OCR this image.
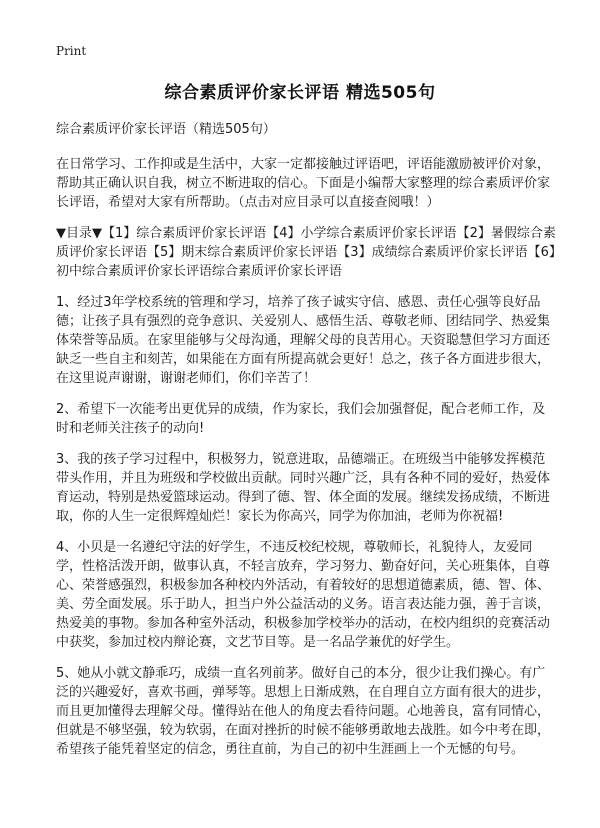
Print
综合素质评价家长评语 精选505句

综合素质评价家长评语（精选505句）

在日常学习、工作抑或是生活中，大家一定都接触过评语吧，评语能激励被评价对象，帮助其正确认识自我，树立不断进取的信心。下面是小编帮大家整理的综合素质评价家长评语，希望对大家有所帮助。（点击对应目录可以直接查阅哦！）

▼目录▼【1】综合素质评价家长评语【4】小学综合素质评价家长评语【2】暑假综合素质评价家长评语【5】期末综合素质评价家长评语【3】成绩综合素质评价家长评语【6】初中综合素质评价家长评语综合素质评价家长评语

1、经过3年学校系统的管理和学习，培养了孩子诚实守信、感恩、责任心强等良好品德；让孩子具有强烈的竞争意识、关爱别人、感悟生活、尊敬老师、团结同学、热爱集体荣誉等品质。在家里能够与父母沟通，理解父母的良苦用心。天资聪慧但学习方面还缺乏一些自主和刻苦，如果能在方面有所提高就会更好！总之，孩子各方面进步很大，在这里说声谢谢，谢谢老师们，你们辛苦了！

2、希望下一次能考出更优异的成绩，作为家长，我们会加强督促，配合老师工作，及时和老师关注孩子的动向!

3、我的孩子学习过程中，积极努力，锐意进取，品德端正。在班级当中能够发挥模范带头作用，并且为班级和学校做出贡献。同时兴趣广泛，具有各种不同的爱好，热爱体育运动，特别是热爱篮球运动。得到了德、智、体全面的发展。继续发扬成绩，不断进取，你的人生一定很辉煌灿烂！家长为你高兴，同学为你加油，老师为你祝福!

4、小贝是一名遵纪守法的好学生，不违反校纪校规，尊敬师长，礼貌待人，友爱同学，性格活泼开朗，做事认真，不轻言放弃，学习努力、勤奋好问，关心班集体，自尊心、荣誉感强烈，积极参加各种校内外活动，有着较好的思想道德素质，德、智、体、美、劳全面发展。乐于助人，担当户外公益活动的义务。语言表达能力强，善于言谈，热爱美的事物。参加各种室外活动，积极参加学校举办的活动，在校内组织的竞赛活动中获奖，参加过校内辩论赛，文艺节目等。是一名品学兼优的好学生。

5、她从小就文静乖巧，成绩一直名列前茅。做好自己的本分，很少让我们操心。有广泛的兴趣爱好，喜欢书画，弹琴等。思想上日渐成熟，在自理自立方面有很大的进步，而且更加懂得去理解父母。懂得站在他人的角度去看待问题。心地善良，富有同情心，但就是不够坚强，较为软弱，在面对挫折的时候不能够勇敢地去战胜。如今中考在即，希望孩子能凭着坚定的信念，勇往直前，为自己的初中生涯画上一个无憾的句号。
